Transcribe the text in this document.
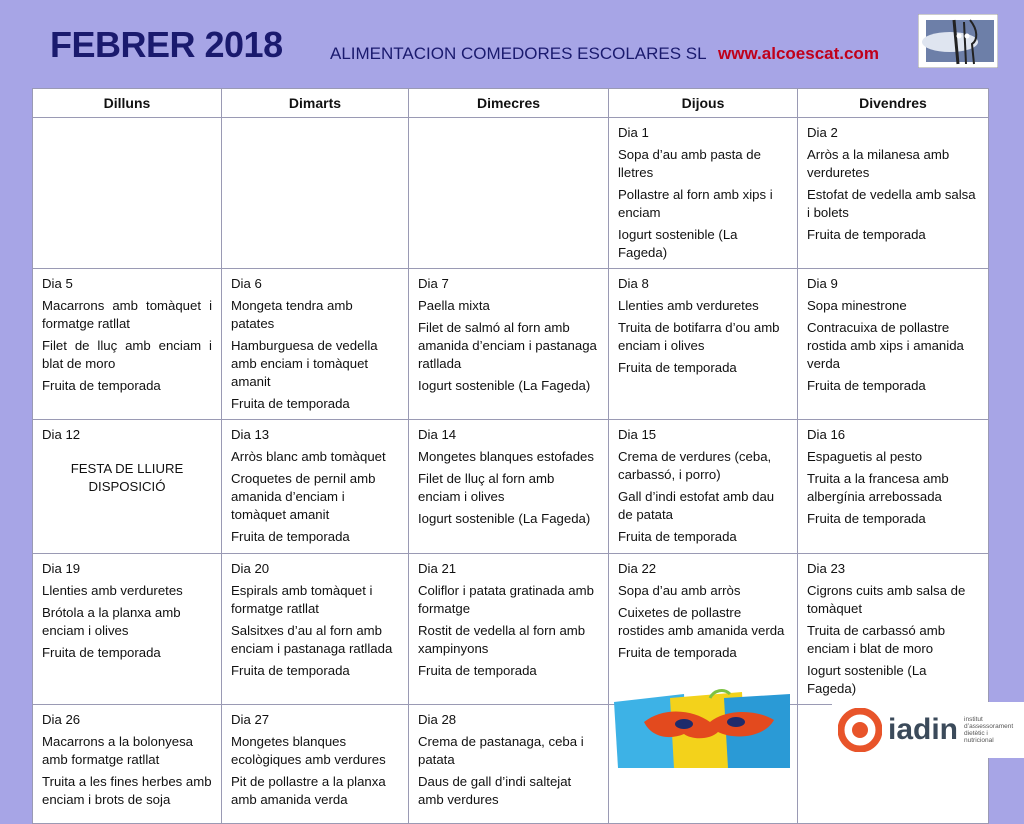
FEBRER 2018	ALIMENTACION COMEDORES ESCOLARES SL www.alcoescat.com
Dilluns	Dimarts	Dimecres	Dijous	Divendres

			Dia 1
Sopa d’au amb pasta de lletres
Pollastre al forn amb xips i enciam
Iogurt sostenible (La Fageda)	Dia 2
Arròs a la milanesa amb verduretes
Estofat de vedella amb salsa i bolets
Fruita de temporada

Dia 5
Macarrons amb tomàquet i formatge ratllat
Filet de lluç amb enciam i blat de moro
Fruita de temporada	Dia 6
Mongeta tendra amb patates
Hamburguesa de vedella amb enciam i tomàquet amanit
Fruita de temporada	Dia 7
Paella mixta
Filet de salmó al forn amb amanida d’enciam i pastanaga ratllada
Iogurt sostenible (La Fageda)	Dia 8
Llenties amb verduretes
Truita de botifarra d’ou amb enciam i olives
Fruita de temporada	Dia 9
Sopa minestrone
Contracuixa de pollastre rostida amb xips i amanida verda
Fruita de temporada

Dia 12
FESTA DE LLIURE DISPOSICIÓ	Dia 13
Arròs blanc amb tomàquet
Croquetes de pernil amb amanida d’enciam i tomàquet amanit
Fruita de temporada	Dia 14
Mongetes blanques estofades
Filet de lluç al forn amb enciam i olives
Iogurt sostenible (La Fageda)	Dia 15
Crema de verdures (ceba, carbassó, i porro)
Gall d’indi estofat amb dau de patata
Fruita de temporada	Dia 16
Espaguetis al pesto
Truita a la francesa amb albergínia arrebossada
Fruita de temporada

Dia 19
Llenties amb verduretes
Brótola a la planxa amb enciam i olives
Fruita de temporada	Dia 20
Espirals amb tomàquet i formatge ratllat
Salsitxes d’au al forn amb enciam i pastanaga ratllada
Fruita de temporada	Dia 21
Coliflor i patata gratinada amb formatge
Rostit de vedella al forn amb xampinyons
Fruita de temporada	Dia 22
Sopa d’au amb arròs
Cuixetes de pollastre rostides amb amanida verda
Fruita de temporada	Dia 23
Cigrons cuits amb salsa de tomàquet
Truita de carbassó amb enciam i blat de moro
Iogurt sostenible (La Fageda)

Dia 26
Macarrons a la bolonyesa amb formatge ratllat
Truita a les fines herbes amb enciam i brots de soja	Dia 27
Mongetes blanques ecològiques amb verdures
Pit de pollastre a la planxa amb amanida verda	Dia 28
Crema de pastanaga, ceba i patata
Daus de gall d’indi saltejat amb verdures		

iadin institut d’assessorament dietètic i nutricional
